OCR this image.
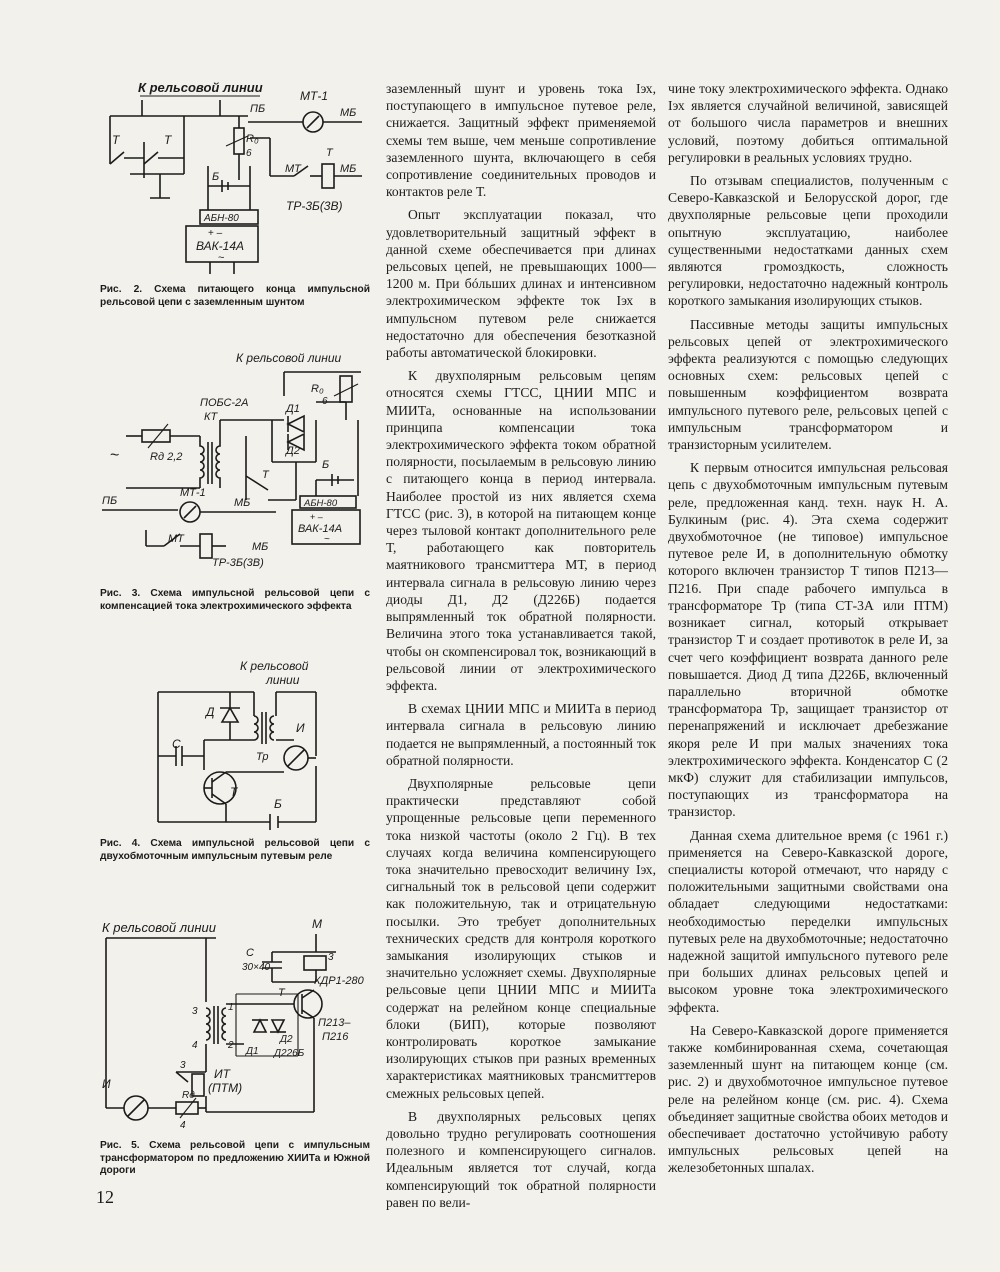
К рельсовой линии
ПБ
МТ-1
МБ
Т	Т	R₀
6
Б
МТ
Т
МБ
ТР-3Б(3В)
АБН-80
+ –
ВАК-14А
~
Рис. 2. Схема питающего конца импульсной рельсовой цепи с заземленным шунтом
К рельсовой линии
R₀
6
ПОБС-2А
КТ
Rд 2,2
~
Д1
Д2
Т
Б
АБН-80
+ –
ВАК-14А
~
ПБ
МТ-1
МБ
МТ
ТР-3Б(3В)
МБ
Рис. 3. Схема импульсной рельсовой цепи с компенсацией тока электрохимического эффекта
К рельсовой
линии
Тр
Д
И
С
Т
Б
Рис. 4. Схема импульсной рельсовой цепи с двухобмоточным импульсным путевым реле
К рельсовой линии	М
С
30×40
3
КДР1-280
Т
П213–
П216
3
4
1
2
Д1
Д2
Д226Б
3
ИТ
(ПТМ)
И
Rд
4
Рис. 5. Схема рельсовой цепи с импульсным трансформатором по предложению ХИИТа и Южной дороги
12

заземленный шунт и уровень тока Iэх, поступающего в импульсное путевое реле, снижается. Защитный эффект применяемой схемы тем выше, чем меньше сопротивление заземленного шунта, включающего в себя сопротивление соединительных проводов и контактов реле Т.

Опыт эксплуатации показал, что удовлетворительный защитный эффект в данной схеме обеспечивается при длинах рельсовых цепей, не превышающих 1000—1200 м. При бóльших длинах и интенсивном электрохимическом эффекте ток Iэх в импульсном путевом реле снижается недостаточно для обеспечения безотказной работы автоматической блокировки.

К двухполярным рельсовым цепям относятся схемы ГТСС, ЦНИИ МПС и МИИТа, основанные на использовании принципа компенсации тока электрохимического эффекта током обратной полярности, посылаемым в рельсовую линию с питающего конца в период интервала. Наиболее простой из них является схема ГТСС (рис. 3), в которой на питающем конце через тыловой контакт дополнительного реле Т, работающего как повторитель маятникового трансмиттера МТ, в период интервала сигнала в рельсовую линию через диоды Д1, Д2 (Д226Б) подается выпрямленный ток обратной полярности. Величина этого тока устанавливается такой, чтобы он скомпенсировал ток, возникающий в рельсовой линии от электрохимического эффекта.

В схемах ЦНИИ МПС и МИИТа в период интервала сигнала в рельсовую линию подается не выпрямленный, а постоянный ток обратной полярности.

Двухполярные рельсовые цепи практически представляют собой упрощенные рельсовые цепи переменного тока низкой частоты (около 2 Гц). В тех случаях когда величина компенсирующего тока значительно превосходит величину Iэх, сигнальный ток в рельсовой цепи содержит как положительную, так и отрицательную посылки. Это требует дополнительных технических средств для контроля короткого замыкания изолирующих стыков и значительно усложняет схемы. Двухполярные рельсовые цепи ЦНИИ МПС и МИИТа содержат на релейном конце специальные блоки (БИП), которые позволяют контролировать короткое замыкание изолирующих стыков при разных временных характеристиках маятниковых трансмиттеров смежных рельсовых цепей.

В двухполярных рельсовых цепях довольно трудно регулировать соотношения полезного и компенсирующего сигналов. Идеальным является тот случай, когда компенсирующий ток обратной полярности равен по вели-

чине току электрохимического эффекта. Однако Iэх является случайной величиной, зависящей от большого числа параметров и внешних условий, поэтому добиться оптимальной регулировки в реальных условиях трудно.

По отзывам специалистов, полученным с Северо-Кавказской и Белорусской дорог, где двухполярные рельсовые цепи проходили опытную эксплуатацию, наиболее существенными недостатками данных схем являются громоздкость, сложность регулировки, недостаточно надежный контроль короткого замыкания изолирующих стыков.

Пассивные методы защиты импульсных рельсовых цепей от электрохимического эффекта реализуются с помощью следующих основных схем: рельсовых цепей с повышенным коэффициентом возврата импульсного путевого реле, рельсовых цепей с импульсным трансформатором и транзисторным усилителем.

К первым относится импульсная рельсовая цепь с двухобмоточным импульсным путевым реле, предложенная канд. техн. наук Н. А. Булкиным (рис. 4). Эта схема содержит двухобмоточное (не типовое) импульсное путевое реле И, в дополнительную обмотку которого включен транзистор Т типов П213—П216. При спаде рабочего импульса в трансформаторе Тр (типа СТ-3А или ПТМ) возникает сигнал, который открывает транзистор Т и создает противоток в реле И, за счет чего коэффициент возврата данного реле повышается. Диод Д типа Д226Б, включенный параллельно вторичной обмотке трансформатора Тр, защищает транзистор от перенапряжений и исключает дребезжание якоря реле И при малых значениях тока электрохимического эффекта. Конденсатор С (2 мкФ) служит для стабилизации импульсов, поступающих из трансформатора на транзистор.

Данная схема длительное время (с 1961 г.) применяется на Северо-Кавказской дороге, специалисты которой отмечают, что наряду с положительными защитными свойствами она обладает следующими недостатками: необходимостью переделки импульсных путевых реле на двухобмоточные; недостаточно надежной защитой импульсного путевого реле при больших длинах рельсовых цепей и высоком уровне тока электрохимического эффекта.

На Северо-Кавказской дороге применяется также комбинированная схема, сочетающая заземленный шунт на питающем конце (см. рис. 2) и двухобмоточное импульсное путевое реле на релейном конце (см. рис. 4). Схема объединяет защитные свойства обоих методов и обеспечивает достаточно устойчивую работу импульсных рельсовых цепей на железобетонных шпалах.
